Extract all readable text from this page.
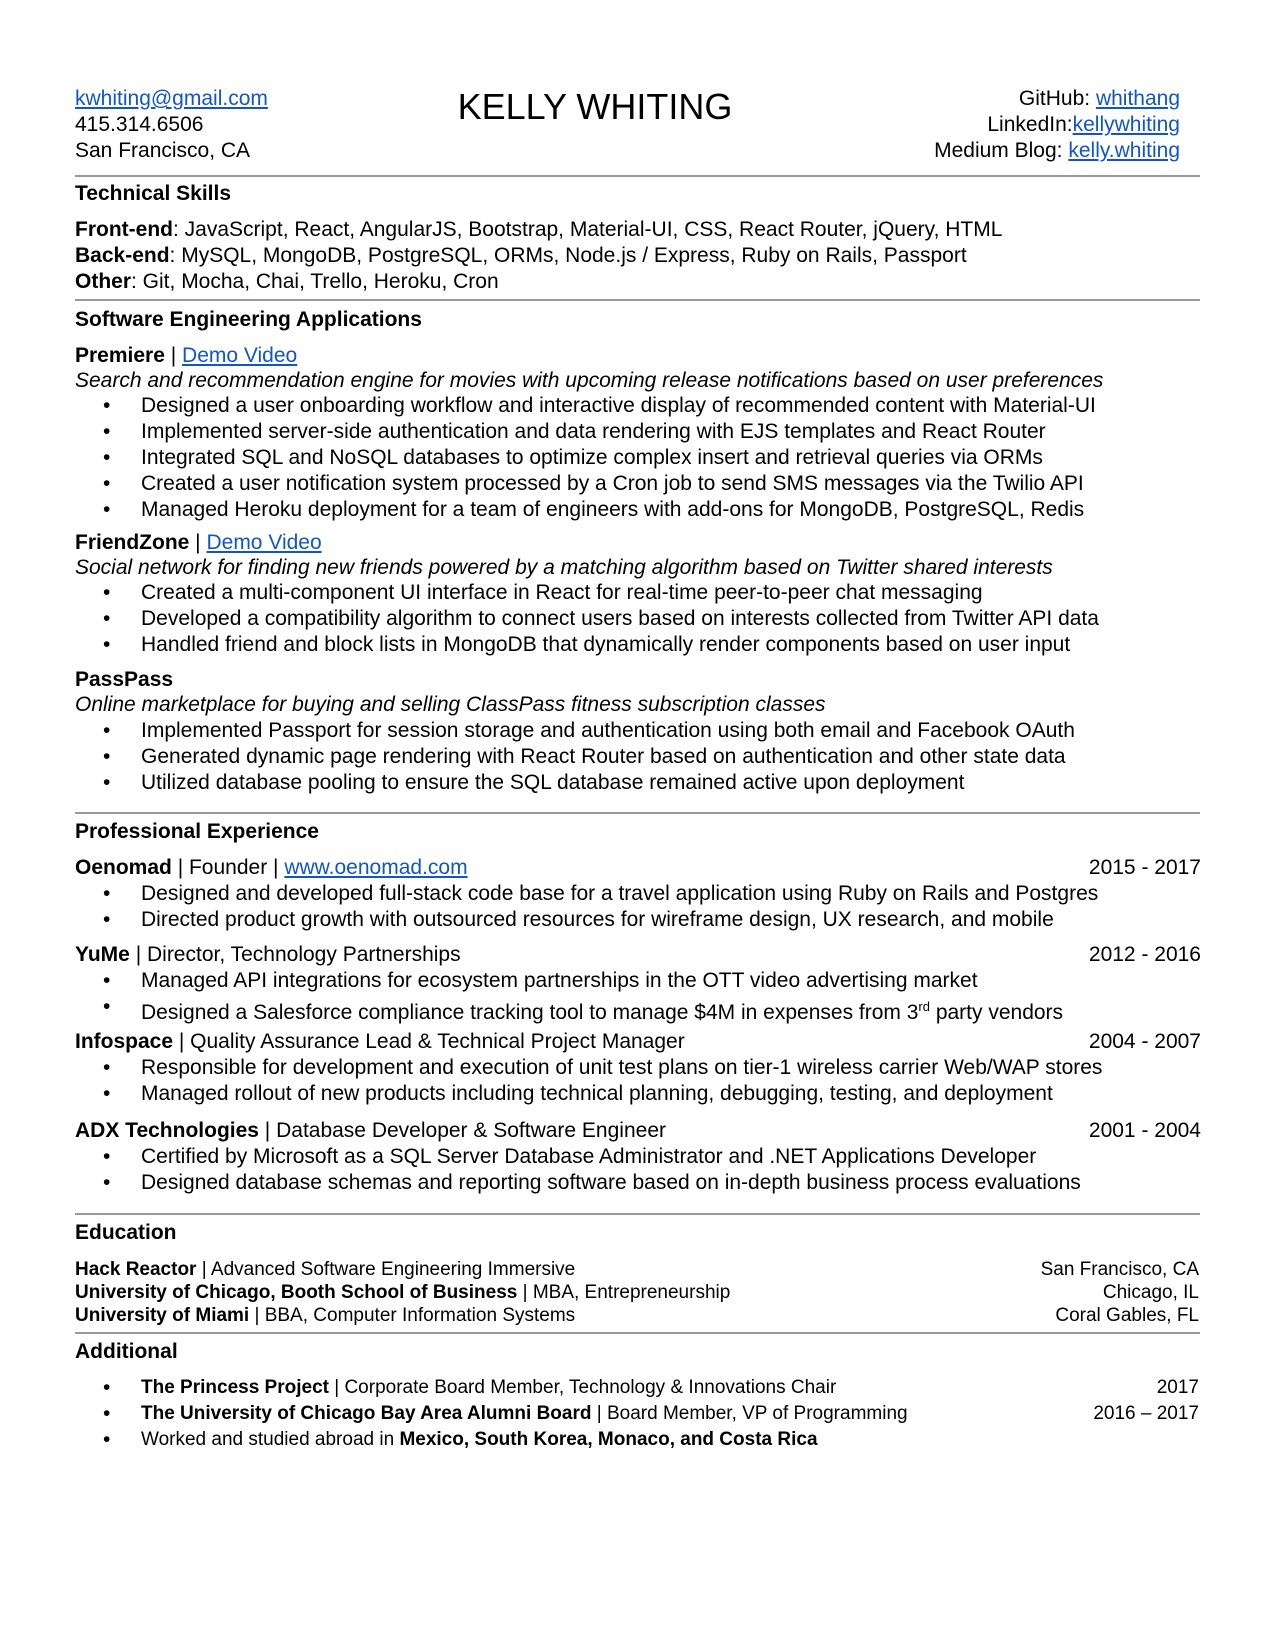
kwhiting@gmail.com
415.314.6506
San Francisco, CA
KELLY WHITING	GitHub: whithang
LinkedIn:kellywhiting
Medium Blog: kelly.whiting
Technical Skills
Front-end: JavaScript, React, AngularJS, Bootstrap, Material-UI, CSS, React Router, jQuery, HTML
Back-end: MySQL, MongoDB, PostgreSQL, ORMs, Node.js / Express, Ruby on Rails, Passport
Other: Git, Mocha, Chai, Trello, Heroku, Cron
Software Engineering Applications
Premiere | Demo Video
Search and recommendation engine for movies with upcoming release notifications based on user preferences
• Designed a user onboarding workflow and interactive display of recommended content with Material-UI
• Implemented server-side authentication and data rendering with EJS templates and React Router
• Integrated SQL and NoSQL databases to optimize complex insert and retrieval queries via ORMs
• Created a user notification system processed by a Cron job to send SMS messages via the Twilio API
• Managed Heroku deployment for a team of engineers with add-ons for MongoDB, PostgreSQL, Redis
FriendZone | Demo Video
Social network for finding new friends powered by a matching algorithm based on Twitter shared interests
• Created a multi-component UI interface in React for real-time peer-to-peer chat messaging
• Developed a compatibility algorithm to connect users based on interests collected from Twitter API data
• Handled friend and block lists in MongoDB that dynamically render components based on user input
PassPass
Online marketplace for buying and selling ClassPass fitness subscription classes
• Implemented Passport for session storage and authentication using both email and Facebook OAuth
• Generated dynamic page rendering with React Router based on authentication and other state data
• Utilized database pooling to ensure the SQL database remained active upon deployment
Professional Experience
Oenomad | Founder | www.oenomad.com	2015 - 2017
• Designed and developed full-stack code base for a travel application using Ruby on Rails and Postgres
• Directed product growth with outsourced resources for wireframe design, UX research, and mobile
YuMe | Director, Technology Partnerships	2012 - 2016
• Managed API integrations for ecosystem partnerships in the OTT video advertising market
• Designed a Salesforce compliance tracking tool to manage $4M in expenses from 3rd party vendors
Infospace | Quality Assurance Lead & Technical Project Manager	2004 - 2007
• Responsible for development and execution of unit test plans on tier-1 wireless carrier Web/WAP stores
• Managed rollout of new products including technical planning, debugging, testing, and deployment
ADX Technologies | Database Developer & Software Engineer	2001 - 2004
• Certified by Microsoft as a SQL Server Database Administrator and .NET Applications Developer
• Designed database schemas and reporting software based on in-depth business process evaluations
Education
Hack Reactor | Advanced Software Engineering Immersive	San Francisco, CA
University of Chicago, Booth School of Business | MBA, Entrepreneurship	Chicago, IL
University of Miami | BBA, Computer Information Systems	Coral Gables, FL
Additional
• The Princess Project | Corporate Board Member, Technology & Innovations Chair	2017
• The University of Chicago Bay Area Alumni Board | Board Member, VP of Programming	2016 – 2017
• Worked and studied abroad in Mexico, South Korea, Monaco, and Costa Rica
